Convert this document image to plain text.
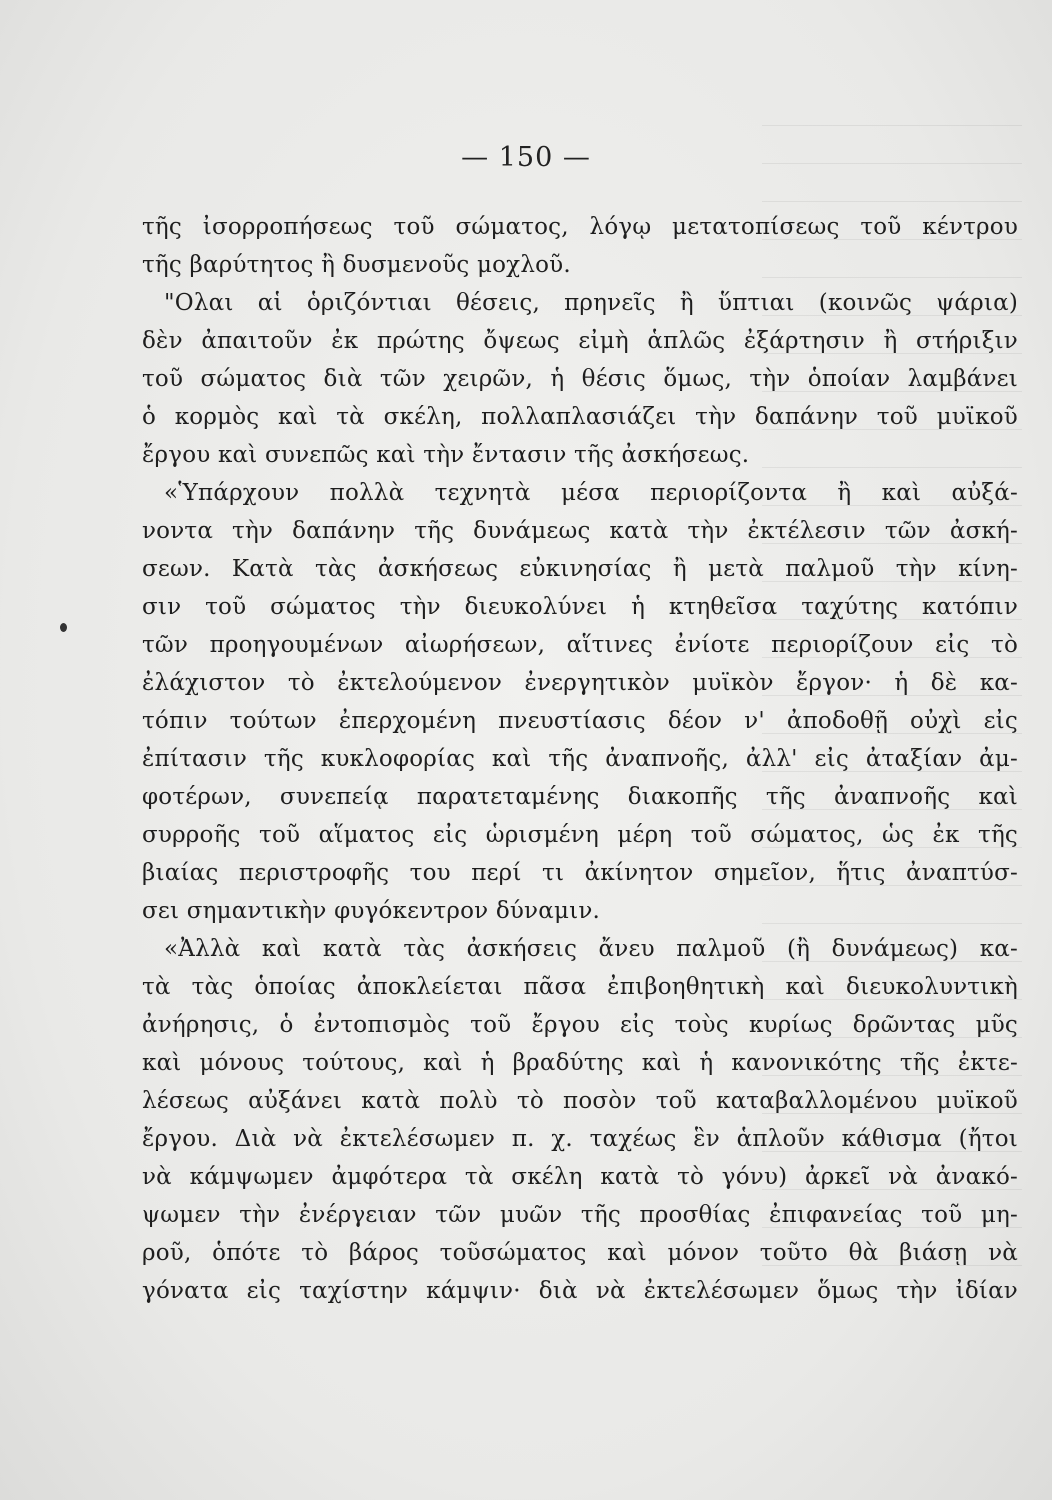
— 150 —
τῆς ἰσορροπήσεως τοῦ σώματος, λόγῳ μετατοπίσεως τοῦ κέντρου
τῆς βαρύτητος ἢ δυσμενοῦς μοχλοῦ.
"Ολαι αἱ ὁριζόντιαι θέσεις, πρηνεῖς ἢ ὕπτιαι (κοινῶς ψάρια)
δὲν ἀπαιτοῦν ἐκ πρώτης ὄψεως εἰμὴ ἁπλῶς ἐξάρτησιν ἢ στήριξιν
τοῦ σώματος διὰ τῶν χειρῶν, ἡ θέσις ὅμως, τὴν ὁποίαν λαμβάνει
ὁ κορμὸς καὶ τὰ σκέλη, πολλαπλασιάζει τὴν δαπάνην τοῦ μυϊκοῦ
ἔργου καὶ συνεπῶς καὶ τὴν ἔντασιν τῆς ἀσκήσεως.
«Ὑπάρχουν πολλὰ τεχνητὰ μέσα περιορίζοντα ἢ καὶ αὐξά-
νοντα τὴν δαπάνην τῆς δυνάμεως κατὰ τὴν ἐκτέλεσιν τῶν ἀσκή-
σεων. Κατὰ τὰς ἀσκήσεως εὐκινησίας ἢ μετὰ παλμοῦ τὴν κίνη-
σιν τοῦ σώματος τὴν διευκολύνει ἡ κτηθεῖσα ταχύτης κατόπιν
τῶν προηγουμένων αἰωρήσεων, αἵτινες ἐνίοτε περιορίζουν εἰς τὸ
ἐλάχιστον τὸ ἐκτελούμενον ἐνεργητικὸν μυϊκὸν ἔργον· ἡ δὲ κα-
τόπιν τούτων ἐπερχομένη πνευστίασις δέον ν' ἀποδοθῇ οὐχὶ εἰς
ἐπίτασιν τῆς κυκλοφορίας καὶ τῆς ἀναπνοῆς, ἀλλ' εἰς ἀταξίαν ἀμ-
φοτέρων, συνεπείᾳ παρατεταμένης διακοπῆς τῆς ἀναπνοῆς καὶ
συρροῆς τοῦ αἵματος εἰς ὡρισμένη μέρη τοῦ σώματος, ὡς ἐκ τῆς
βιαίας περιστροφῆς του περί τι ἀκίνητον σημεῖον, ἥτις ἀναπτύσ-
σει σημαντικὴν φυγόκεντρον δύναμιν.
«Ἀλλὰ καὶ κατὰ τὰς ἀσκήσεις ἄνευ παλμοῦ (ἢ δυνάμεως) κα-
τὰ τὰς ὁποίας ἀποκλείεται πᾶσα ἐπιβοηθητικὴ καὶ διευκολυντικὴ
ἀνήρησις, ὁ ἐντοπισμὸς τοῦ ἔργου εἰς τοὺς κυρίως δρῶντας μῦς
καὶ μόνους τούτους, καὶ ἡ βραδύτης καὶ ἡ κανονικότης τῆς ἐκτε-
λέσεως αὐξάνει κατὰ πολὺ τὸ ποσὸν τοῦ καταβαλλομένου μυϊκοῦ
ἔργου. Διὰ νὰ ἐκτελέσωμεν π. χ. ταχέως ἓν ἁπλοῦν κάθισμα (ἤτοι
νὰ κάμψωμεν ἀμφότερα τὰ σκέλη κατὰ τὸ γόνυ) ἀρκεῖ νὰ ἀνακό-
ψωμεν τὴν ἐνέργειαν τῶν μυῶν τῆς προσθίας ἐπιφανείας τοῦ μη-
ροῦ, ὁπότε τὸ βάρος τοῦσώματος καὶ μόνον τοῦτο θὰ βιάσῃ νὰ
γόνατα εἰς ταχίστην κάμψιν· διὰ νὰ ἐκτελέσωμεν ὅμως τὴν ἰδίαν
